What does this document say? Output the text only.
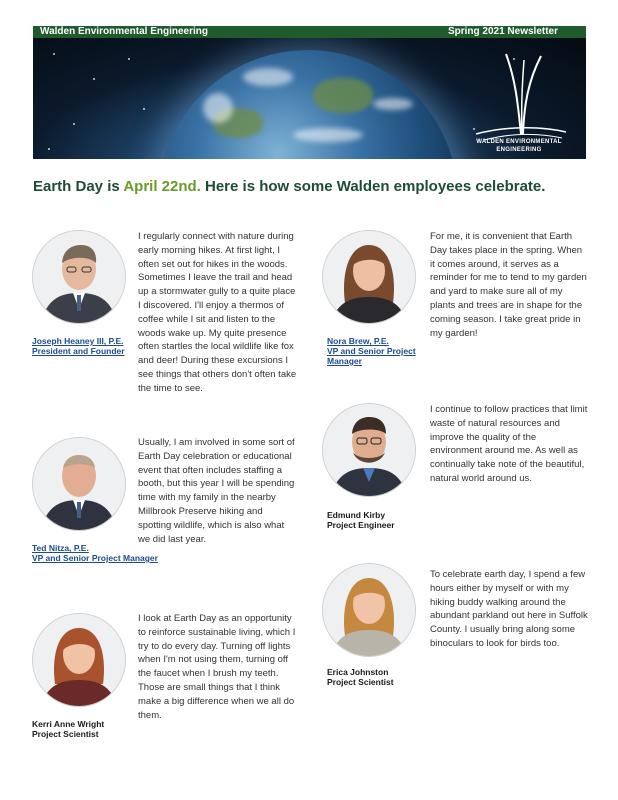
Walden Environmental Engineering	Spring 2021 Newsletter
WALDEN ENVIRONMENTAL ENGINEERING
Earth Day is April 22nd. Here is how some Walden employees celebrate.
Joseph Heaney III, P.E.
President and Founder
I regularly connect with nature during early morning hikes. At first light, I often set out for hikes in the woods. Sometimes I leave the trail and head up a stormwater gully to a quite place I discovered. I'll enjoy a thermos of coffee while I sit and listen to the woods wake up. My quite presence often startles the local wildlife like fox and deer! During these excursions I see things that others don't often take the time to see.
Ted Nitza, P.E.
VP and Senior Project Manager
Usually, I am involved in some sort of Earth Day celebration or educational event that often includes staffing a booth, but this year I will be spending time with my family in the nearby Millbrook Preserve hiking and spotting wildlife, which is also what we did last year.
Kerri Anne Wright
Project Scientist
I look at Earth Day as an opportunity to reinforce sustainable living, which I try to do every day. Turning off lights when I'm not using them, turning off the faucet when I brush my teeth. Those are small things that I think make a big difference when we all do them.
Nora Brew, P.E.
VP and Senior Project Manager
For me, it is convenient that Earth Day takes place in the spring. When it comes around, it serves as a reminder for me to tend to my garden and yard to make sure all of my plants and trees are in shape for the coming season. I take great pride in my garden!
Edmund Kirby
Project Engineer
I continue to follow practices that limit waste of natural resources and improve the quality of the environment around me. As well as continually take note of the beautiful, natural world around us.
Erica Johnston
Project Scientist
To celebrate earth day, I spend a few hours either by myself or with my hiking buddy walking around the abundant parkland out here in Suffolk County. I usually bring along some binoculars to look for birds too.
